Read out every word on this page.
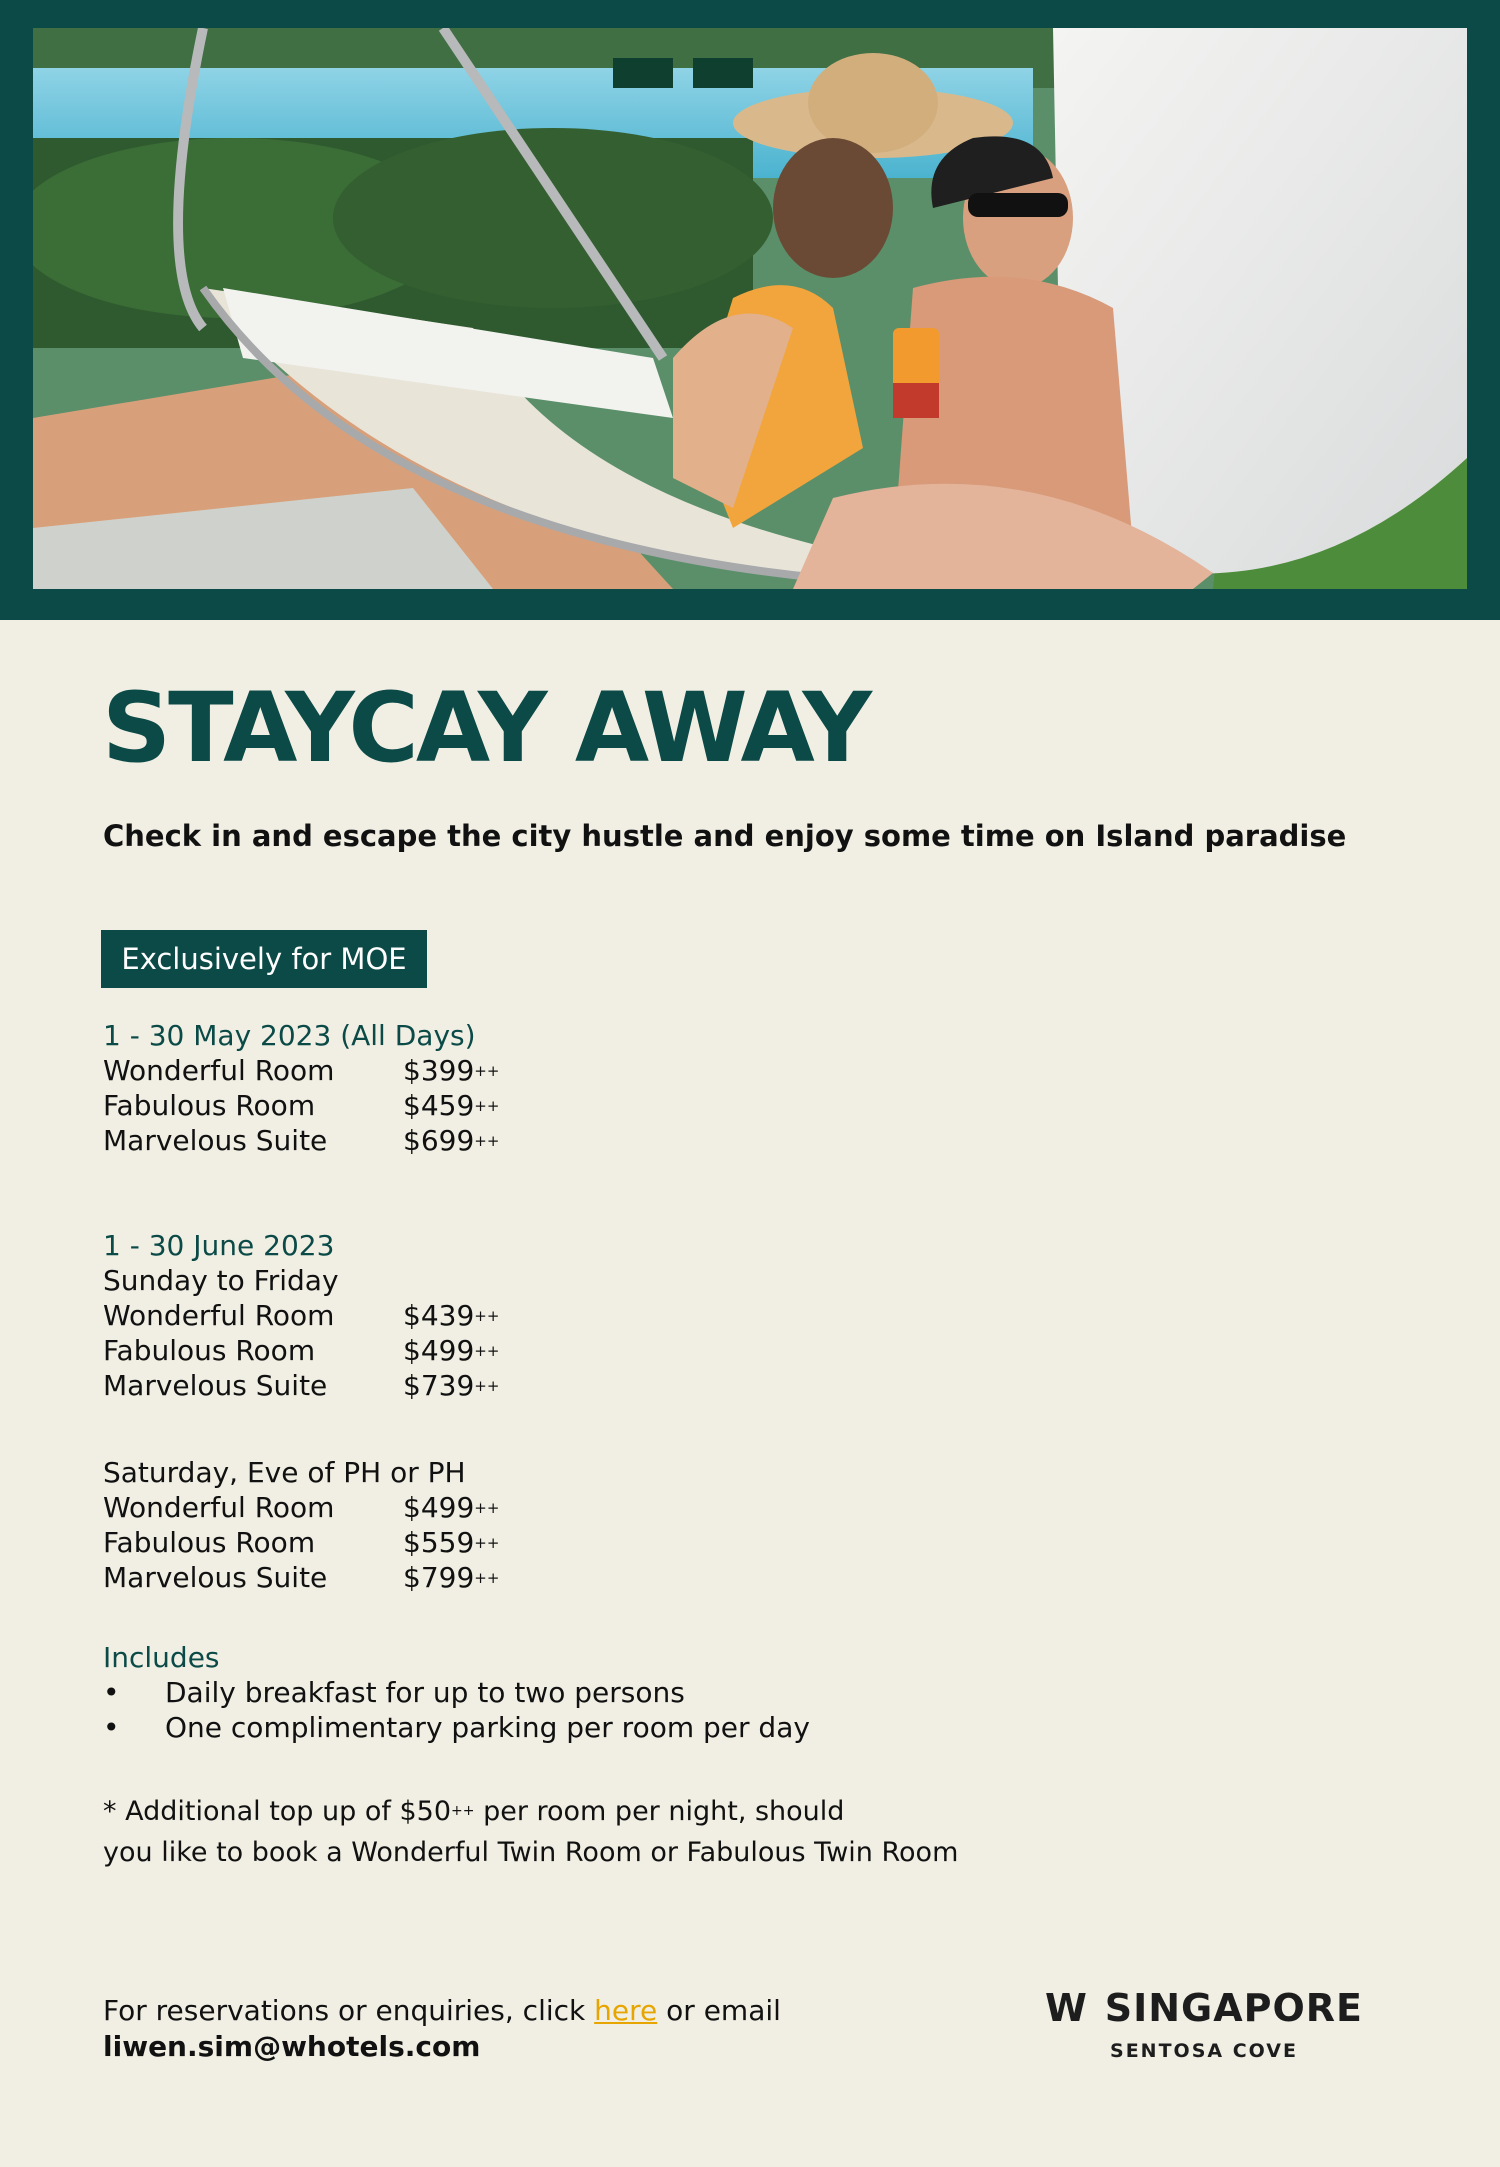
STAYCAY AWAY
Check in and escape the city hustle and enjoy some time on Island paradise
Exclusively for MOE
1 - 30 May 2023 (All Days)
Wonderful Room	$399++
Fabulous Room	$459++
Marvelous Suite	$699++
1 - 30 June 2023
Sunday to Friday
Wonderful Room	$439++
Fabulous Room	$499++
Marvelous Suite	$739++
Saturday, Eve of PH or PH
Wonderful Room	$499++
Fabulous Room	$559++
Marvelous Suite	$799++
Includes
•	Daily breakfast for up to two persons
•	One complimentary parking per room per day
* Additional top up of $50++ per room per night, should
you like to book a Wonderful Twin Room or Fabulous Twin Room
For reservations or enquiries, click here or email
liwen.sim@whotels.com
W SINGAPORE
SENTOSA COVE
